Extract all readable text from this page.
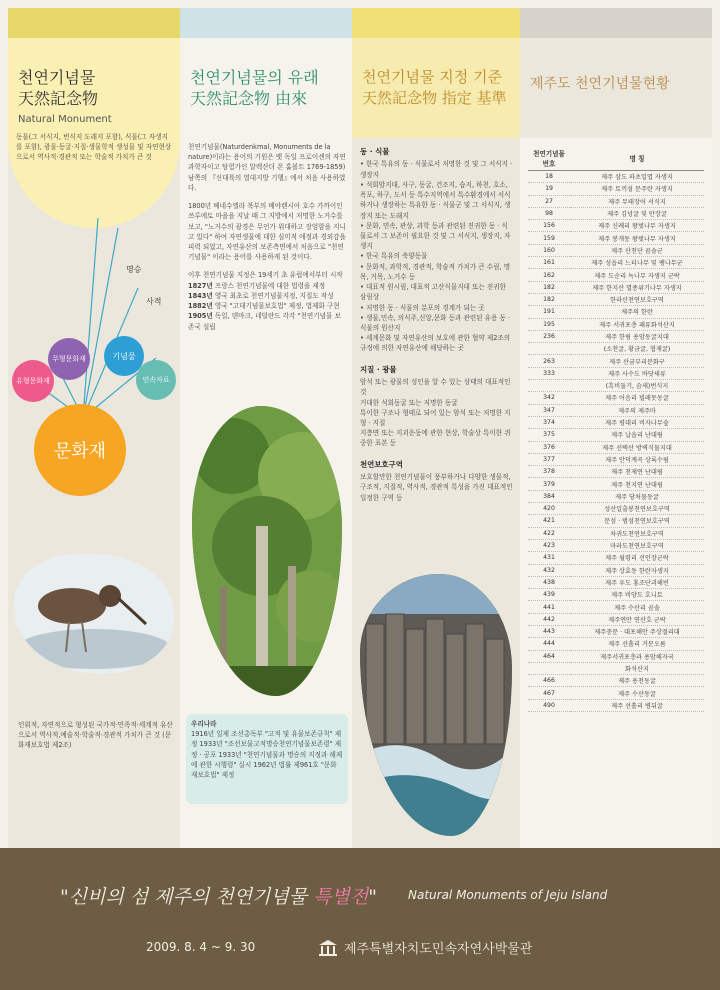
천연기념물
天然記念物
Natural Monument
동물(그 서식지, 번식지 도래지 포함), 식물(그 자생지를 포함), 광물·동굴·지질·생물학적 생성물 및 자연현상으로서 역사적·경관적 또는 학술적 가치가 큰 것
명승
사적
유형문화재
무형문화재	기념물
민속자료
문화재
인위적, 자연적으로 형성된 국가적·민족적·세계적 유산으로서 역사적,예술적·학술적·경관적 가치가 큰 것 (문화재보호법 제2조)
천연기념물의 유래
天然記念物 由來

천연기념물(Naturdenkmal, Monuments de la nature)이라는 용어의 기원은 옛 독일 프로이센의 자연과학자이고 탐험가인 알렉산더 폰 훔볼트 1769-1859)남쪽의 『신대륙의 열대지방 기행』에서 처음 사용하였다.

1800년 베네수엘라 북부의 베야렌시아 호수 가까이인 쓰루에토 마을을 지날 때 그 지방에서 저명한 노거수를 보고, "노거수의 광경은 무언가 위대하고 장엄함을 지니고 있다" 하여 자연생물에 대한 심미적 애정과 경외감을 피력 되었고, 자연유산의 보존측면에서 처음으로 "천연기념물" 이라는 용어를 사용하게 된 것이다.

이후 천연기념물 지정은 19세기 초 유럽에서부터 시작

1827년 프랑스 천연기념물에 대한 법령을 제정
1843년 영국 최초로 천연기념물지정, 지질도 작성
1882년 영국 "고대기념물보호법" 제정, 법제화 구현
1905년 독일, 덴마크, 네덜란드 각각 "천연기념물 보존국 설립
우리나라
1916년 일제 조선총독부 "고적 및 유물보존규칙" 제정 1933년 "조선보물고적명승천연기념물보존령" 제정 · 공포 1933년 "천연기념물과 명승의 지정과 해제에 관한 시행령" 실시 1962년 법률 제961호 "문화재보호법" 제정
천연기념물 지정 기준
天然記念物 指定 基準
동 · 식물
• 한국 특유의 동 · 식물로서 저명한 것 및 그 서식지 · 생장지
• 석회암지대, 사구, 동굴, 건조지, 습지, 하천, 호소, 폭포, 하구, 도서 등 특수지역에서 특수환경에서 서식하거나 생장하는 특유한 동 · 식물군 및 그 서식지, 생장지 또는 도래지
• 문화, 민속, 관상, 과학 등과 관련된 진귀한 동 · 식물로서 그 보존이 필요한 것 및 그 서식지, 생장지, 자생지
• 한국 특유의 축양동물
• 문화적, 과학적, 경관적, 학술적 가치가 큰 수림, 명목, 거목, 노거수 등
• 대표적 원시림, 대표적 고산식물지대 또는 진귀한 삼림상
• 저명한 동 · 식물의 분포의 경계가 되는 곳
• 생물,민속, 의식주,신앙,문화 등과 관련된 유용 동 · 식물의 원산지
• 세계문화 및 자연유산의 보호에 관한 협약 제2조의 규정에 의한 자연유산에 해당하는 곳
지질 · 광물
암석 또는 광물의 성인을 알 수 있는 상태의 대표적인 것
거대한 석회동굴 또는 저명한 동굴
특이한 구조나 형태로 되어 있는 암석 또는 저명한 지형 · 지질
지층면 또는 지괴운동에 관한 현상, 학술상 특이한 퀴중한 표본 등
천연보호구역
보호할만한 천연기념물이 풍부하거나 다양한 생물적, 구조적, 지질적, 역사적, 경관적 특성을 가진 대표적인 일정한 구역 등
제주도 천연기념물현황
천연기념물 번호	명 칭
18	제주 삼도 파초일엽 자생지
19	제주 토끼섬 문주란 자생지
27	제주 무태장어 서식지
98	제주 김녕굴 및 만장굴
156	제주 신례리 왕벚나무 자생지
159	제주 봉개동 왕벚나무 자생지
160	제주 산천단 곰솔군
161	제주 성읍리 느티나무 및 팽나무군
162	제주 도순리 녹나무 자생지 군락
182	제주 한지산 멸종위기나무 자생지
182	한라산천연보호구역
191	제주의 한란
195	제주 서귀포층 패류화석산지
236	제주 한림 용암동굴지대
	(소천굴, 황금굴, 협재굴)
263	제주 산굼부리분화구
333	제주 사수도 바닷새류
	(흑비둘기, 슴새)번식지
342	제주 어음리 빌레못동굴
347	제주의 제주마
374	제주 평대리 비자나무숲
375	제주 납읍리 난대림
376	제주 선택산 방벽식물지대
377	제주 안덕계곡 상록수림
378	제주 천제연 난대림
379	제주 천지연 난대림
384	제주 당처물동굴
420	성산일출봉천연보호구역
421	문섬 · 범섬천연보호구역
422	차귀도천연보호구역
423	마라도천연보호구역
431	제주 월령리 선인장군락
432	제주 상효동 한란자생지
438	제주 우도 홍조단괴해빈
439	제주 비양도 호니토
441	제주 수산리 곰솔
442	제주연안 연산호 군락
443	제주중문 · 대포해안 주상절리대
444	제주 선흘리 거문오름
464	제주서귀포층과 용암해자국
	화석산지
466	제주 용천동굴
467	제주 수산동굴
490	제주 선흘리 병뒤굴
"신비의 섬 제주의 천연기념물 특별전"	Natural Monuments of Jeju Island
2009. 8. 4 ~ 9. 30	제주특별자치도민속자연사박물관
